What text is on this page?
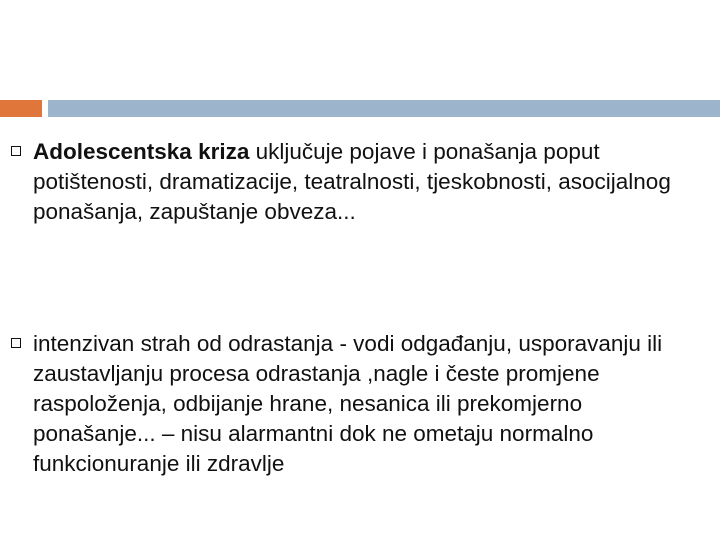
Adolescentska kriza uključuje pojave i ponašanja poput potištenosti, dramatizacije, teatralnosti, tjeskobnosti, asocijalnog ponašanja, zapuštanje obveza...

intenzivan strah od odrastanja - vodi odgađanju, usporavanju ili zaustavljanju procesa odrastanja ,nagle i česte promjene raspoloženja, odbijanje hrane, nesanica ili prekomjerno ponašanje... – nisu alarmantni dok ne ometaju normalno funkcionuranje ili zdravlje
